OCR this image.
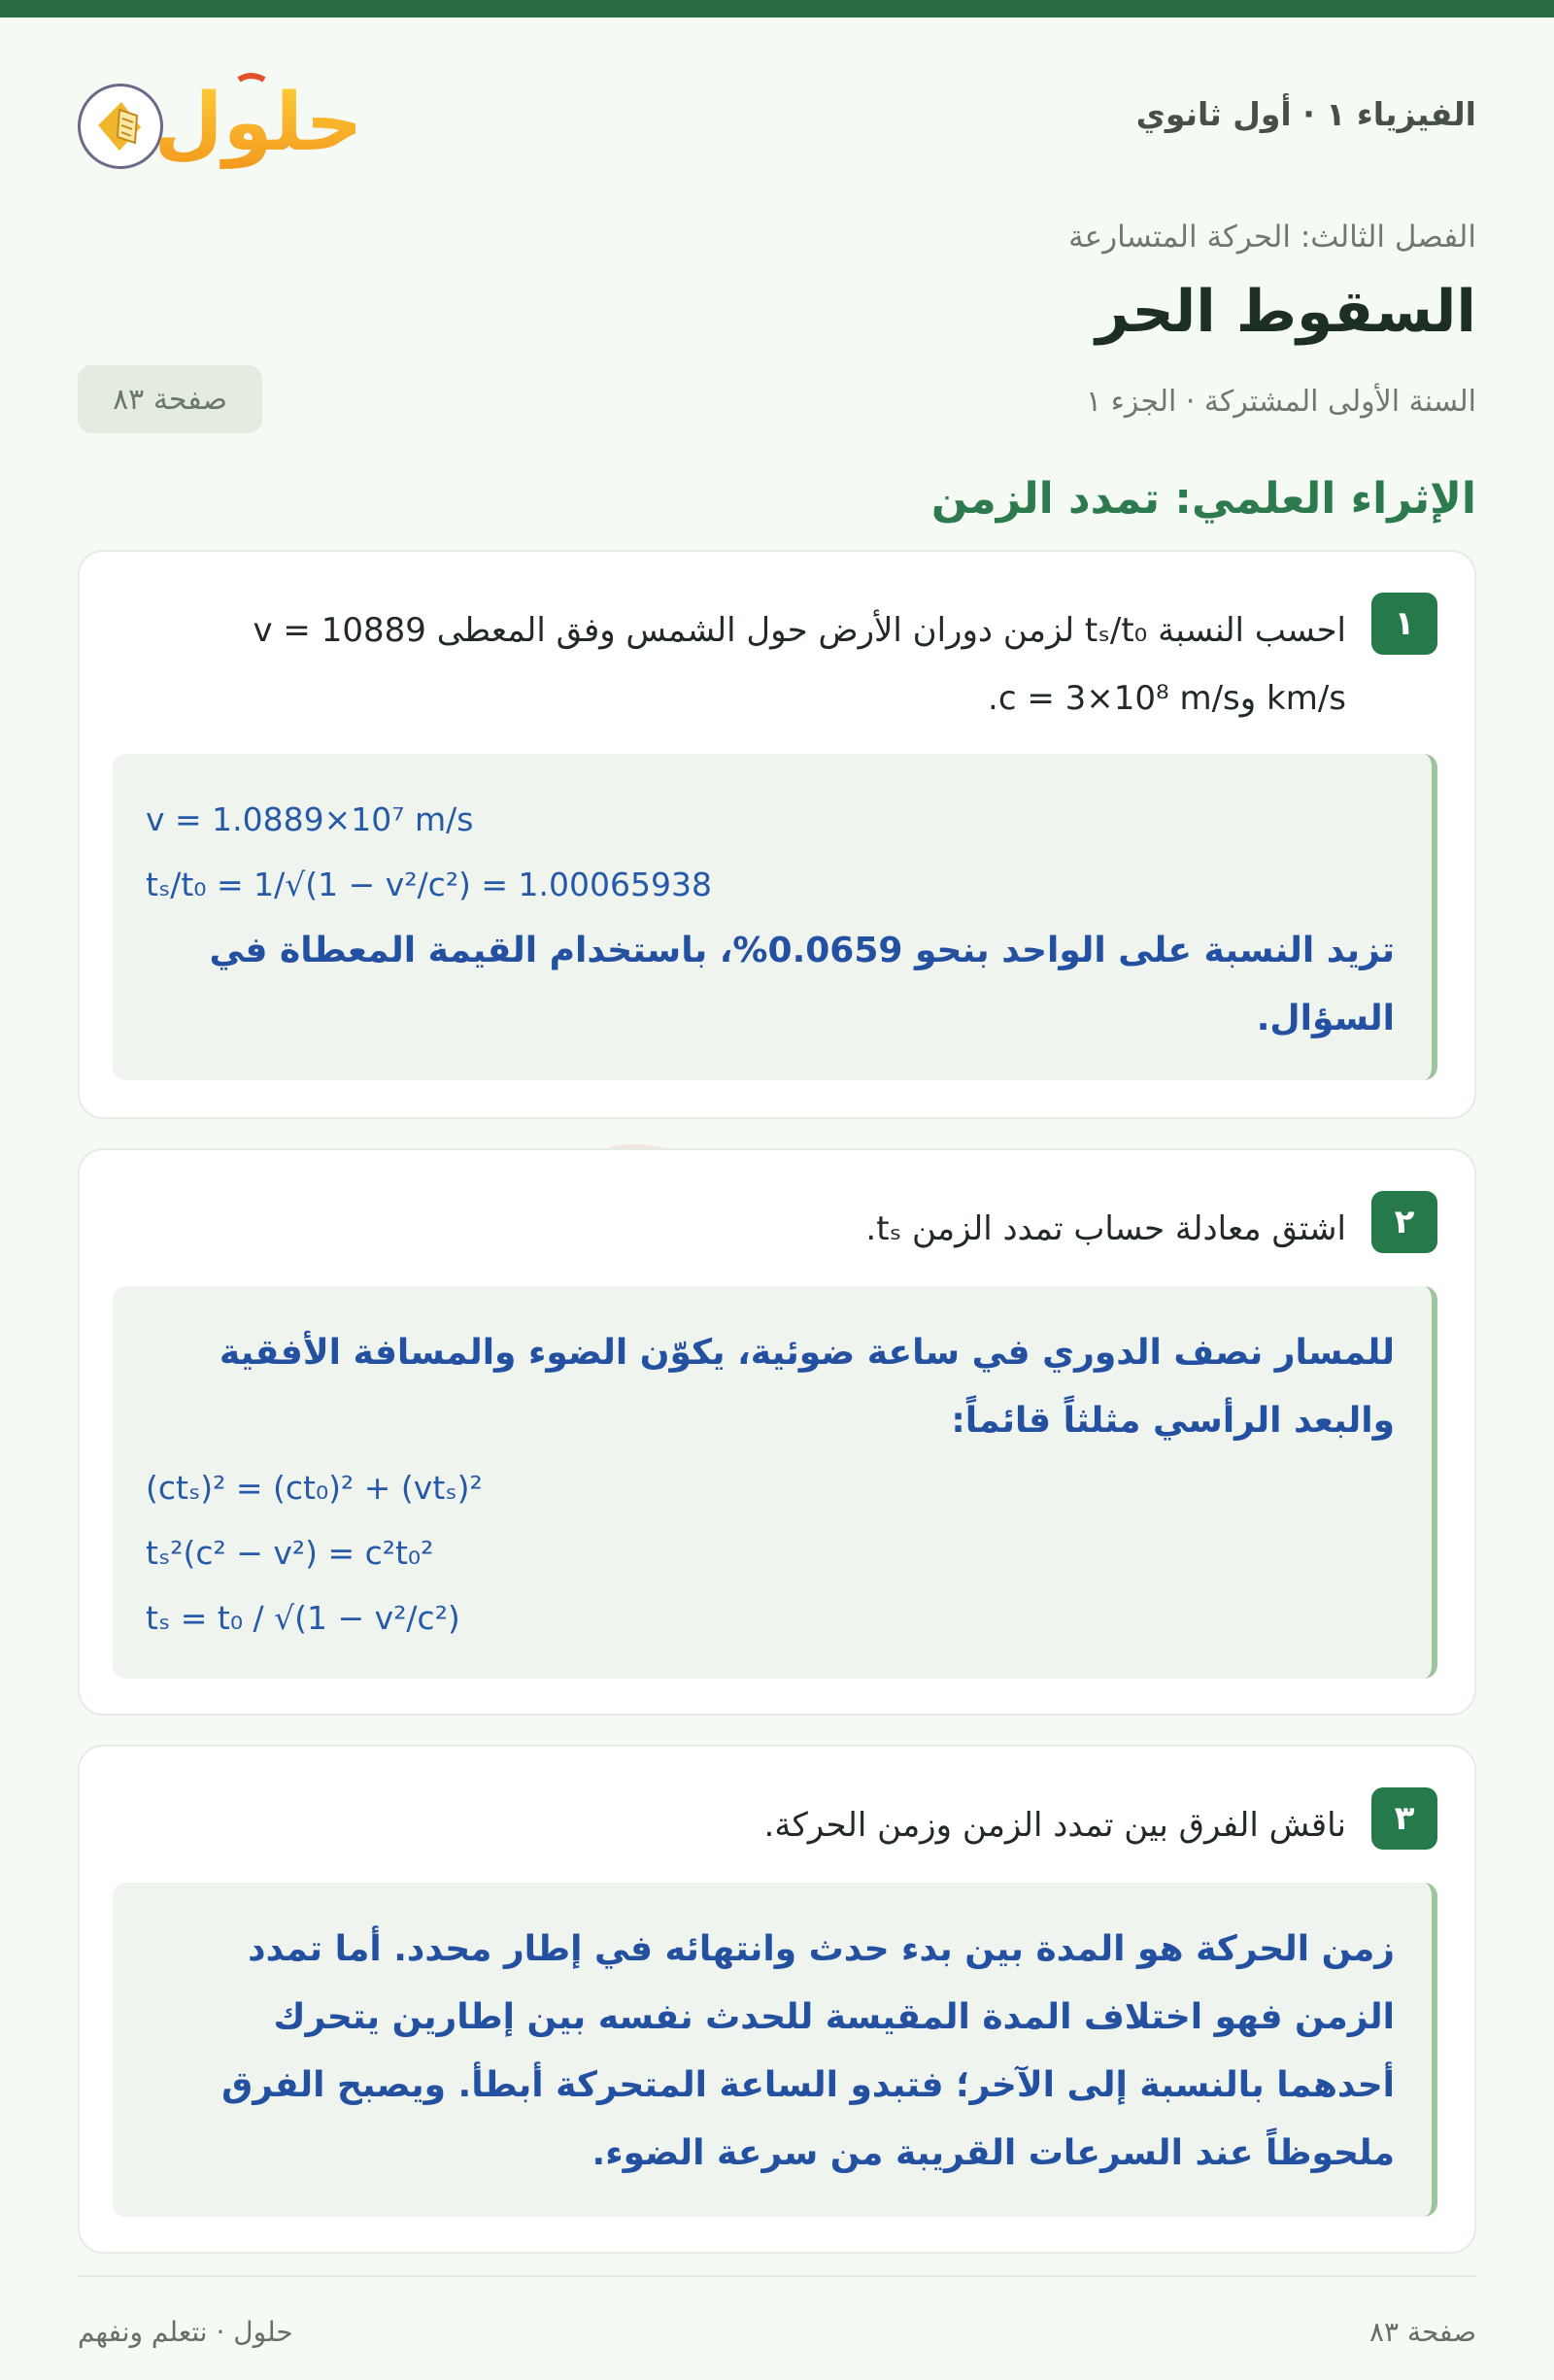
الفيزياء ١ · أول ثانوي
حلول
الفصل الثالث: الحركة المتسارعة
السقوط الحر
السنة الأولى المشتركة · الجزء ١
صفحة ٨٣
الإثراء العلمي: تمدد الزمن
١
احسب النسبة tₛ/t₀ لزمن دوران الأرض حول الشمس وفق المعطى v = 10889
km/s وc = 3×10⁸ m/s.
v = 1.0889×10⁷ m/s
tₛ/t₀ = 1/√(1 − v²/c²) = 1.00065938
تزيد النسبة على الواحد بنحو 0.0659%، باستخدام القيمة المعطاة في السؤال.
٢
اشتق معادلة حساب تمدد الزمن tₛ.
للمسار نصف الدوري في ساعة ضوئية، يكوّن الضوء والمسافة الأفقية والبعد الرأسي مثلثاً قائماً:
(ctₛ)² = (ct₀)² + (vtₛ)²
tₛ²(c² − v²) = c²t₀²
tₛ = t₀ / √(1 − v²/c²)
٣
ناقش الفرق بين تمدد الزمن وزمن الحركة.
زمن الحركة هو المدة بين بدء حدث وانتهائه في إطار محدد. أما تمدد الزمن فهو اختلاف المدة المقيسة للحدث نفسه بين إطارين يتحرك أحدهما بالنسبة إلى الآخر؛ فتبدو الساعة المتحركة أبطأ. ويصبح الفرق ملحوظاً عند السرعات القريبة من سرعة الضوء.
صفحة ٨٣
حلول · نتعلم ونفهم
